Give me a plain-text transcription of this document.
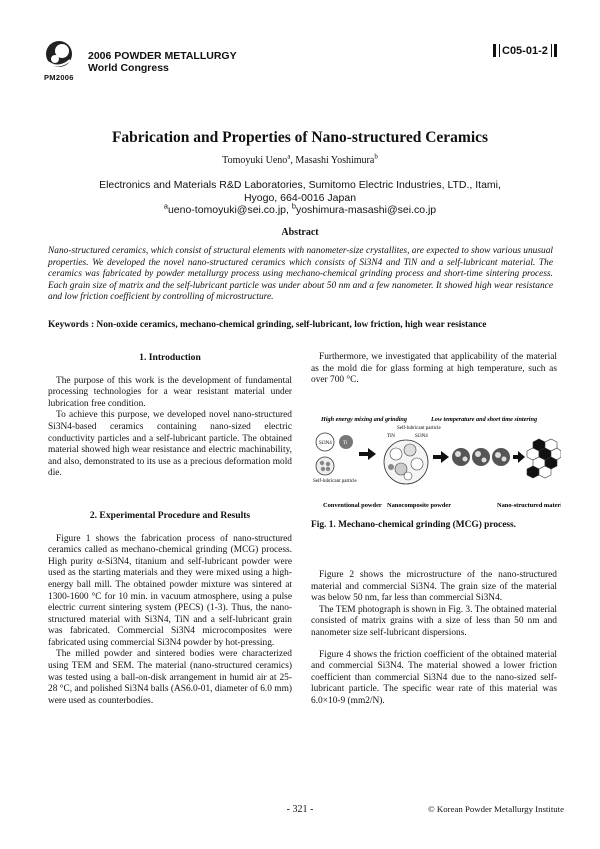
2006 POWDER METALLURGY
World Congress
PM2006
C05-01-2
Fabrication and Properties of Nano-structured Ceramics
Tomoyuki Ueno$^a$, Masashi Yoshimura$^b$
Electronics and Materials R&D Laboratories, Sumitomo Electric Industries, LTD., Itami,
Hyogo, 664-0016 Japan
$^a$ueno-tomoyuki@sei.co.jp, $^b$yoshimura-masashi@sei.co.jp
Abstract
Nano-structured ceramics, which consist of structural elements with nanometer-size crystallites, are expected to show various unusual properties. We developed the novel nano-structured ceramics which consists of Si3N4 and TiN and a self-lubricant material. The ceramics was fabricated by powder metallurgy process using mechano-chemical grinding process and short-time sintering process. Each grain size of matrix and the self-lubricant particle was under about 50 nm and a few nanometer. It showed high wear resistance and low friction coefficient by controlling of microstructure.
Keywords : Non-oxide ceramics, mechano-chemical grinding, self-lubricant, low friction, high wear resistance
1. Introduction

The purpose of this work is the development of fundamental processing technologies for a wear resistant material under lubrication free condition.

To achieve this purpose, we developed novel nano-structured Si3N4-based ceramics containing nano-sized electric conductivity particles and a self-lubricant particle. The obtained material showed high wear resistance and electric machinability, and also, demonstrated to its use as a precious deformation mold die.

2. Experimental Procedure and Results

Figure 1 shows the fabrication process of nano-structured ceramics called as mechano-chemical grinding (MCG) process. High purity α-Si3N4, titanium and self-lubricant powder were used as the starting materials and they were mixed using a high-energy ball mill. The obtained powder mixture was sintered at 1300-1600 °C for 10 min. in vacuum atmosphere, using a pulse electric current sintering system (PECS) (1-3). Thus, the nano-structured material with Si3N4, TiN and a self-lubricant grain was fabricated. Commercial Si3N4 microcomposites were fabricated using commercial Si3N4 powder by hot-pressing.

The milled powder and sintered bodies were characterized using TEM and SEM. The material (nano-structured ceramics) was tested using a ball-on-disk arrangement in humid air at 25-28 °C, and polished Si3N4 balls (AS6.0-01, diameter of 6.0 mm) were used as counterbodies.

Furthermore, we investigated that applicability of the material as the mold die for glass forming at high temperature, such as over 700 °C.

High energy mixing and grinding	Low temperature and short time sintering
Si3N4 Ti
Self-lubricant particle
Self-lubricant particle
TiN	Si3N4
Conventional powder Nanocomposite powder	Nano-structured material
Fig. 1. Mechano-chemical grinding (MCG) process.

Figure 2 shows the microstructure of the nano-structured material and commercial Si3N4. The grain size of the material was below 50 nm, far less than commercial Si3N4.

The TEM photograph is shown in Fig. 3. The obtained material consisted of matrix grains with a size of less than 50 nm and nanometer size self-lubricant dispersions.

Figure 4 shows the friction coefficient of the obtained material and commercial Si3N4. The material showed a lower friction coefficient than commercial Si3N4 due to the nano-sized self-lubricant particle. The specific wear rate of this material was 6.0×10-9 (mm2/N).

- 321 -	© Korean Powder Metallurgy Institute
